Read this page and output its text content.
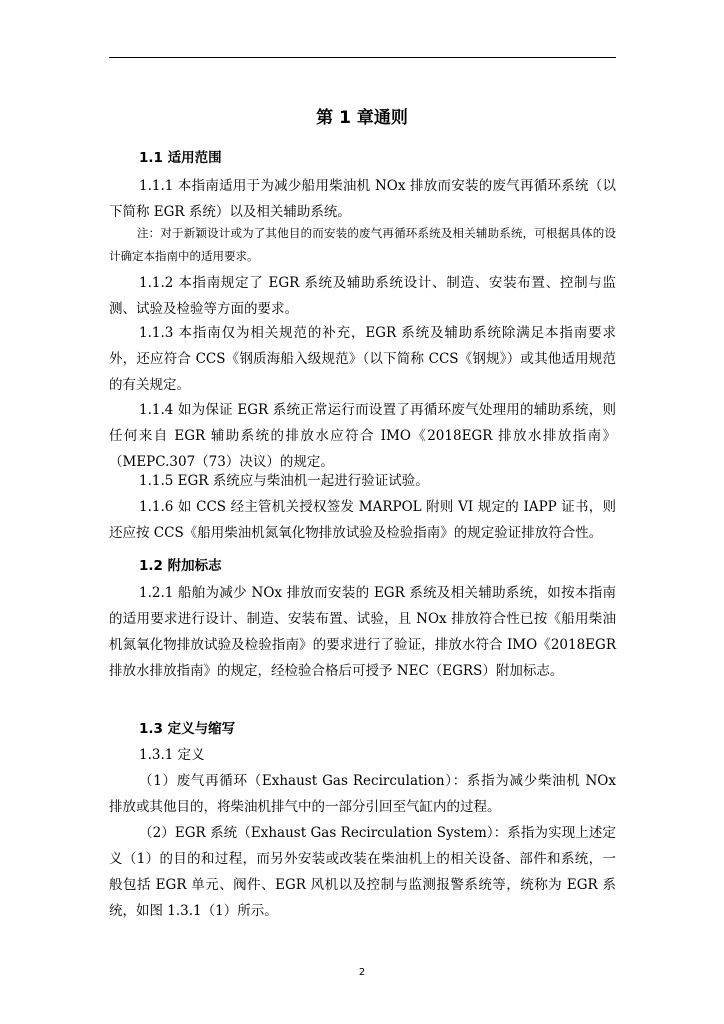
第 1 章通则
1.1 适用范围

1.1.1 本指南适用于为减少船用柴油机 NOx 排放而安装的废气再循环系统（以下简称 EGR 系统）以及相关辅助系统。

注：对于新颖设计或为了其他目的而安装的废气再循环系统及相关辅助系统，可根据具体的设计确定本指南中的适用要求。

1.1.2 本指南规定了 EGR 系统及辅助系统设计、制造、安装布置、控制与监测、试验及检验等方面的要求。

1.1.3 本指南仅为相关规范的补充，EGR 系统及辅助系统除满足本指南要求外，还应符合 CCS《钢质海船入级规范》（以下简称 CCS《钢规》）或其他适用规范的有关规定。

1.1.4 如为保证 EGR 系统正常运行而设置了再循环废气处理用的辅助系统，则任何来自 EGR 辅助系统的排放水应符合 IMO《2018EGR 排放水排放指南》（MEPC.307（73）决议）的规定。

1.1.5 EGR 系统应与柴油机一起进行验证试验。

1.1.6 如 CCS 经主管机关授权签发 MARPOL 附则 VI 规定的 IAPP 证书，则还应按 CCS《船用柴油机氮氧化物排放试验及检验指南》的规定验证排放符合性。

1.2 附加标志

1.2.1 船舶为减少 NOx 排放而安装的 EGR 系统及相关辅助系统，如按本指南的适用要求进行设计、制造、安装布置、试验，且 NOx 排放符合性已按《船用柴油机氮氧化物排放试验及检验指南》的要求进行了验证，排放水符合 IMO《2018EGR 排放水排放指南》的规定，经检验合格后可授予 NEC（EGRS）附加标志。

1.3 定义与缩写

1.3.1 定义

（1）废气再循环（Exhaust Gas Recirculation）：系指为减少柴油机 NOx 排放或其他目的，将柴油机排气中的一部分引回至气缸内的过程。

（2）EGR 系统（Exhaust Gas Recirculation System）：系指为实现上述定义（1）的目的和过程，而另外安装或改装在柴油机上的相关设备、部件和系统，一般包括 EGR 单元、阀件、EGR 风机以及控制与监测报警系统等，统称为 EGR 系统，如图 1.3.1（1）所示。

2
